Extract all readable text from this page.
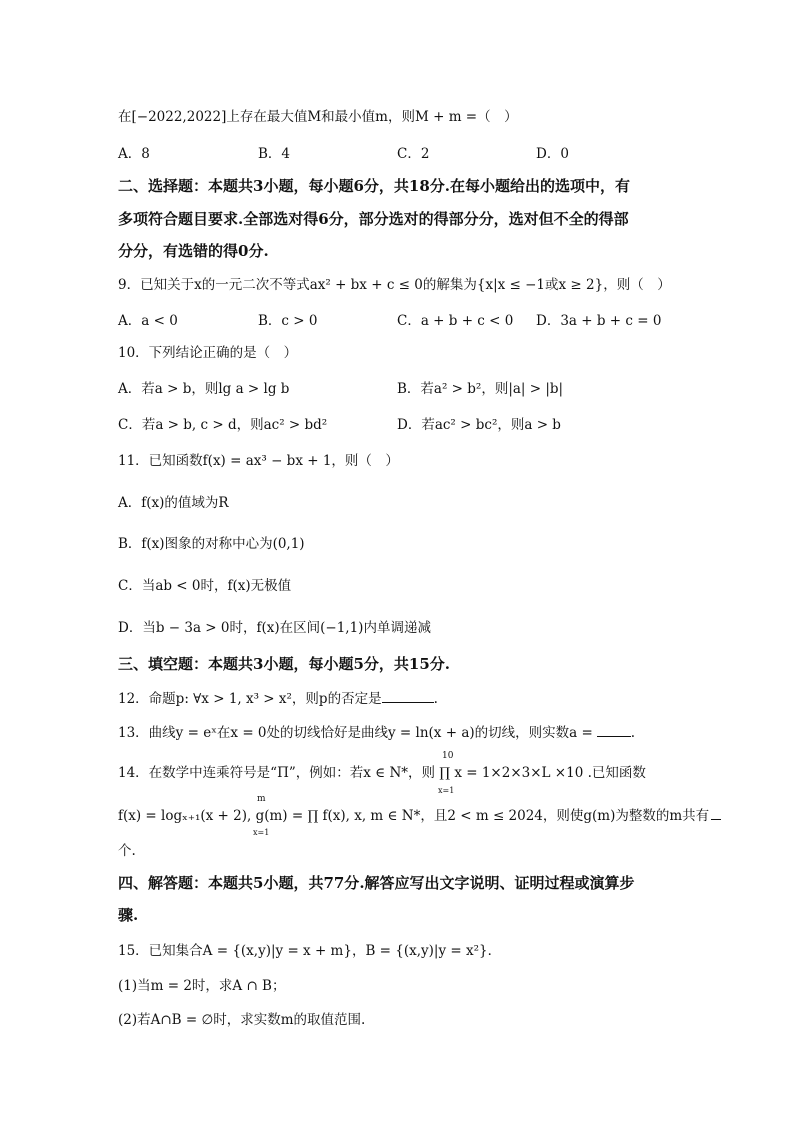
在[−2022,2022]上存在最大值M和最小值m，则M + m =（　）
A．8	B．4	C．2	D．0
二、选择题：本题共3小题，每小题6分，共18分.在每小题给出的选项中，有
多项符合题目要求.全部选对得6分，部分选对的得部分分，选对但不全的得部
分分，有选错的得0分.
9．已知关于x的一元二次不等式ax² + bx + c ≤ 0的解集为{x|x ≤ −1或x ≥ 2}，则（　）
A．a < 0	B．c > 0	C．a + b + c < 0 D．3a + b + c = 0
10．下列结论正确的是（　）
A．若a > b，则lg a > lg b	B．若a² > b²，则|a| > |b|
C．若a > b, c > d，则ac² > bd²	D．若ac² > bc²，则a > b
11．已知函数f(x) = ax³ − bx + 1，则（　）
A．f(x)的值域为R
B．f(x)图象的对称中心为(0,1)
C．当ab < 0时，f(x)无极值
D．当b − 3a > 0时，f(x)在区间(−1,1)内单调递减
三、填空题：本题共3小题，每小题5分，共15分.
12．命题p: ∀x > 1, x³ > x²，则p的否定是	.
13．曲线y = eˣ在x = 0处的切线恰好是曲线y = ln(x + a)的切线，则实数a =	.
10
14．在数学中连乘符号是“Π”，例如：若x ∈ N*，则 ∏ x = 1×2×3×L ×10 .已知函数
x=1
m
f(x) = logₓ₊₁(x + 2), g(m) = ∏ f(x), x, m ∈ N*，且2 < m ≤ 2024，则使g(m)为整数的m共有
x=1
个.
四、解答题：本题共5小题，共77分.解答应写出文字说明、证明过程或演算步
骤.
15．已知集合A = {(x,y)|y = x + m}，B = {(x,y)|y = x²}．
(1)当m = 2时，求A ∩ B；
(2)若A∩B = ∅时，求实数m的取值范围.
